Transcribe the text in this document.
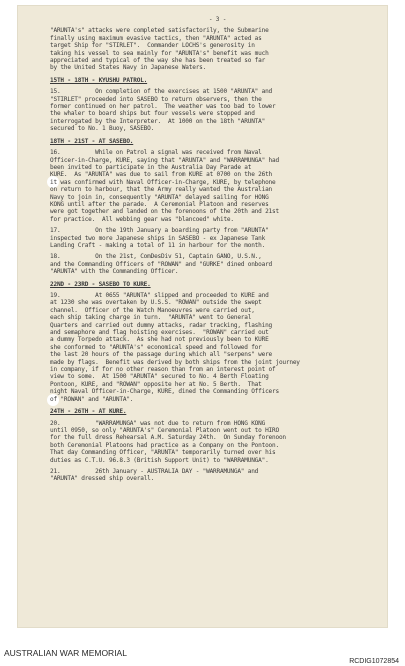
- 3 -
"ARUNTA's" attacks were completed satisfactorily, the Submarine
finally using maximum evasive tactics, then "ARUNTA" acted as
target Ship for "STIRLET".  Commander LOCHS's generosity in
taking his vessel to sea mainly for "ARUNTA's" benefit was much
appreciated and typical of the way she has been treated so far
by the United States Navy in Japanese Waters.
15TH - 18TH - KYUSHU PATROL.
15.          On completion of the exercises at 1500 "ARUNTA" and
"STIRLET" proceeded into SASEBO to return observers, then the
former continued on her patrol.  The weather was too bad to lower
the whaler to board ships but four vessels were stopped and
interrogated by the Interpreter.  At 1000 on the 18th "ARUNTA"
secured to No. 1 Buoy, SASEBO.
18TH - 21ST - AT SASEBO.
16.          While on Patrol a signal was received from Naval
Officer-in-Charge, KURE, saying that "ARUNTA" and "WARRAMUNGA" had
been invited to participate in the Australia Day Parade at
KURE.  As "ARUNTA" was due to sail from KURE at 0700 on the 26th
it was confirmed with Naval Officer-in-Charge, KURE, by telephone
on return to harbour, that the Army really wanted the Australian
Navy to join in, consequently "ARUNTA" delayed sailing for HONG
KONG until after the parade.  A Ceremonial Platoon and reserves
were got together and landed on the forenoons of the 20th and 21st
for practice.  All webbing gear was "blancoed" white.
17.          On the 19th January a boarding party from "ARUNTA"
inspected two more Japanese ships in SASEBO - ex Japanese Tank
Landing Craft - making a total of 11 in harbour for the month.
18.          On the 21st, ComDesDiv 51, Captain GANO, U.S.N.,
and the Commanding Officers of "ROWAN" and "GURKE" dined onboard
"ARUNTA" with the Commanding Officer.
22ND - 23RD - SASEBO TO KURE.
19.          At 0655 "ARUNTA" slipped and proceeded to KURE and
at 1230 she was overtaken by U.S.S. "ROWAN" outside the swept
channel.  Officer of the Watch Manoeuvres were carried out,
each ship taking charge in turn.  "ARUNTA" went to General
Quarters and carried out dummy attacks, radar tracking, flashing
and semaphore and flag hoisting exercises.  "ROWAN" carried out
a dummy Torpedo attack.  As she had not previously been to KURE
she conformed to "ARUNTA's" economical speed and followed for
the last 20 hours of the passage during which all "serpens" were
made by flags.  Benefit was derived by both ships from the joint journey
in company, if for no other reason than from an interest point of
view to some.  At 1500 "ARUNTA" secured to No. 4 Berth Floating
Pontoon, KURE, and "ROWAN" opposite her at No. 5 Berth.  That
night Naval Officer-in-Charge, KURE, dined the Commanding Officers
of "ROWAN" and "ARUNTA".
24TH - 26TH - AT KURE.
20.          "WARRAMUNGA" was not due to return from HONG KONG
until 0950, so only "ARUNTA's" Ceremonial Platoon went out to HIRO
for the full dress Rehearsal A.M. Saturday 24th.  On Sunday forenoon
both Ceremonial Platoons had practice as a Company on the Pontoon.
That day Commanding Officer, "ARUNTA" temporarily turned over his
duties as C.T.U. 96.8.3 (British Support Unit) to "WARRAMUNGA".
21.          26th January - AUSTRALIA DAY - "WARRAMUNGA" and
"ARUNTA" dressed ship overall.
AUSTRALIAN WAR MEMORIAL
RCDIG1072854
